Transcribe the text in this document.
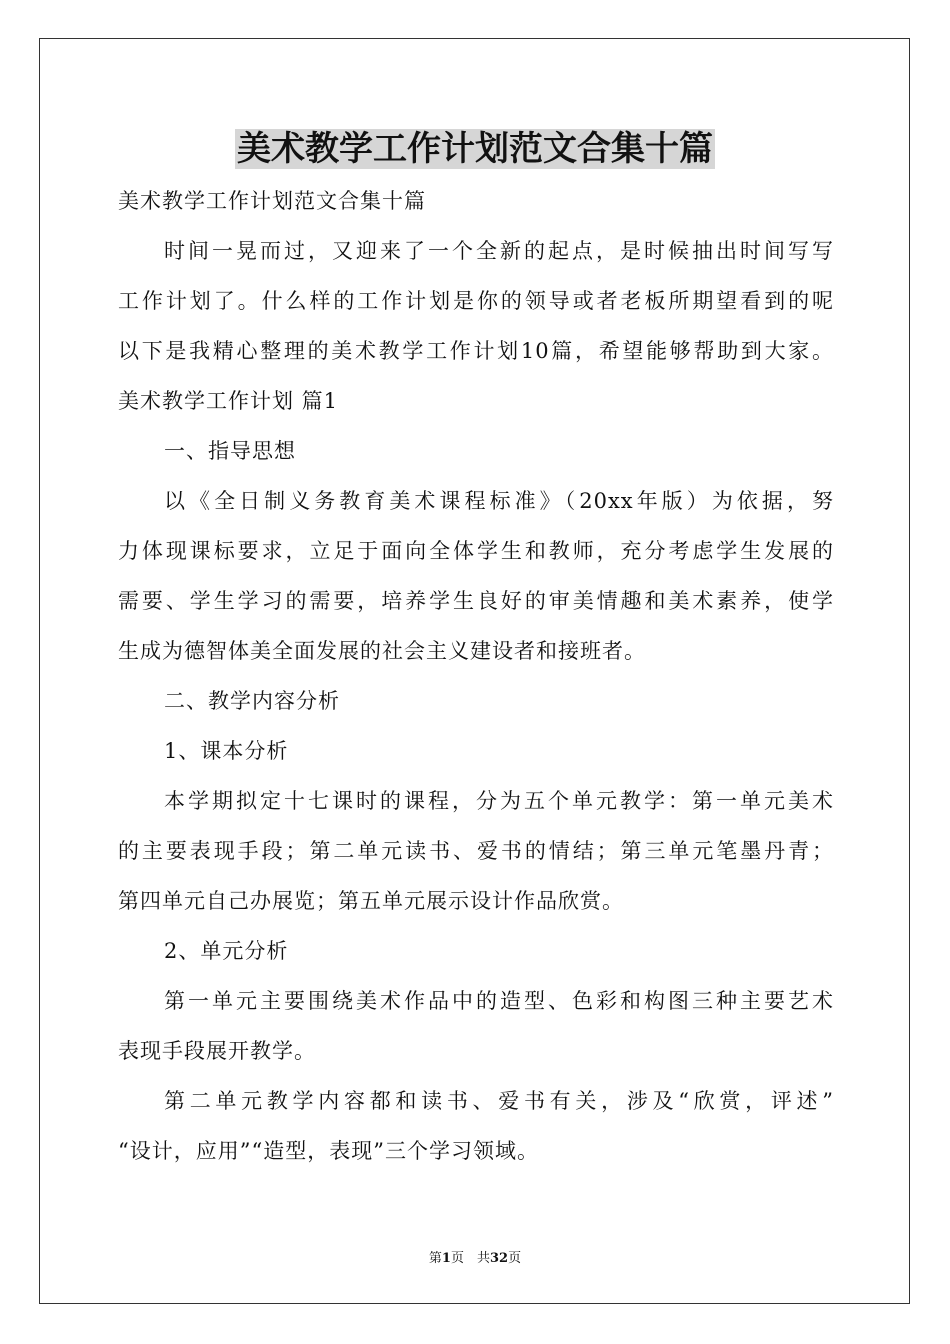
美术教学工作计划范文合集十篇
美术教学工作计划范文合集十篇
时间一晃而过，又迎来了一个全新的起点，是时候抽出时间写写
工作计划了。什么样的工作计划是你的领导或者老板所期望看到的呢
以下是我精心整理的美术教学工作计划10篇，希望能够帮助到大家。
美术教学工作计划 篇1
一、指导思想
以《全日制义务教育美术课程标准》（20xx年版）为依据，努
力体现课标要求，立足于面向全体学生和教师，充分考虑学生发展的
需要、学生学习的需要，培养学生良好的审美情趣和美术素养，使学
生成为德智体美全面发展的社会主义建设者和接班者。
二、教学内容分析
1、课本分析
本学期拟定十七课时的课程，分为五个单元教学：第一单元美术
的主要表现手段；第二单元读书、爱书的情结；第三单元笔墨丹青；
第四单元自己办展览；第五单元展示设计作品欣赏。
2、单元分析
第一单元主要围绕美术作品中的造型、色彩和构图三种主要艺术
表现手段展开教学。
第二单元教学内容都和读书、爱书有关，涉及“欣赏，评述”
“设计，应用”“造型，表现”三个学习领域。
第1页　共32页
